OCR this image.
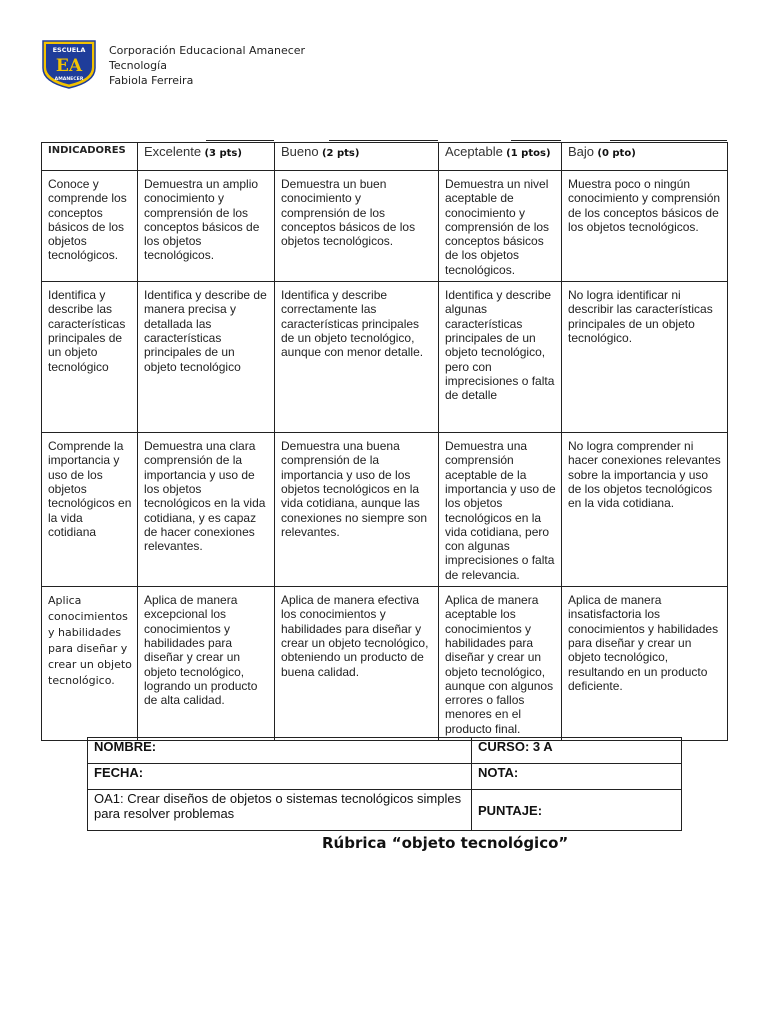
ESCUELA
EA
AMANECER
Corporación Educacional Amanecer
Tecnología
Fabiola Ferreira
INDICADORES	Excelente (3 pts)	Bueno (2 pts)	Aceptable (1 ptos)	Bajo (0 pto)
Conoce y comprende los conceptos básicos de los objetos tecnológicos.	Demuestra un amplio conocimiento y comprensión de los conceptos básicos de los objetos tecnológicos.	Demuestra un buen conocimiento y comprensión de los conceptos básicos de los objetos tecnológicos.	Demuestra un nivel aceptable de conocimiento y comprensión de los conceptos básicos de los objetos tecnológicos.	Muestra poco o ningún conocimiento y comprensión de los conceptos básicos de los objetos tecnológicos.
Identifica y describe las características principales de un objeto tecnológico	Identifica y describe de manera precisa y detallada las características principales de un objeto tecnológico	Identifica y describe correctamente las características principales de un objeto tecnológico, aunque con menor detalle.	Identifica y describe algunas características principales de un objeto tecnológico, pero con imprecisiones o falta de detalle	No logra identificar ni describir las características principales de un objeto tecnológico.
Comprende la importancia y uso de los objetos tecnológicos en la vida cotidiana	Demuestra una clara comprensión de la importancia y uso de los objetos tecnológicos en la vida cotidiana, y es capaz de hacer conexiones relevantes.	Demuestra una buena comprensión de la importancia y uso de los objetos tecnológicos en la vida cotidiana, aunque las conexiones no siempre son relevantes.	Demuestra una comprensión aceptable de la importancia y uso de los objetos tecnológicos en la vida cotidiana, pero con algunas imprecisiones o falta de relevancia.	No logra comprender ni hacer conexiones relevantes sobre la importancia y uso de los objetos tecnológicos en la vida cotidiana.
Aplica conocimientos y habilidades para diseñar y crear un objeto tecnológico.	Aplica de manera excepcional los conocimientos y habilidades para diseñar y crear un objeto tecnológico, logrando un producto de alta calidad.	Aplica de manera efectiva los conocimientos y habilidades para diseñar y crear un objeto tecnológico, obteniendo un producto de buena calidad.	Aplica de manera aceptable los conocimientos y habilidades para diseñar y crear un objeto tecnológico, aunque con algunos errores o fallos menores en el producto final.	Aplica de manera insatisfactoria los conocimientos y habilidades para diseñar y crear un objeto tecnológico, resultando en un producto deficiente.
NOMBRE:	CURSO: 3 A
FECHA:	NOTA:
OA1: Crear diseños de objetos o sistemas tecnológicos simples para resolver problemas	PUNTAJE:
Rúbrica “objeto tecnológico”
